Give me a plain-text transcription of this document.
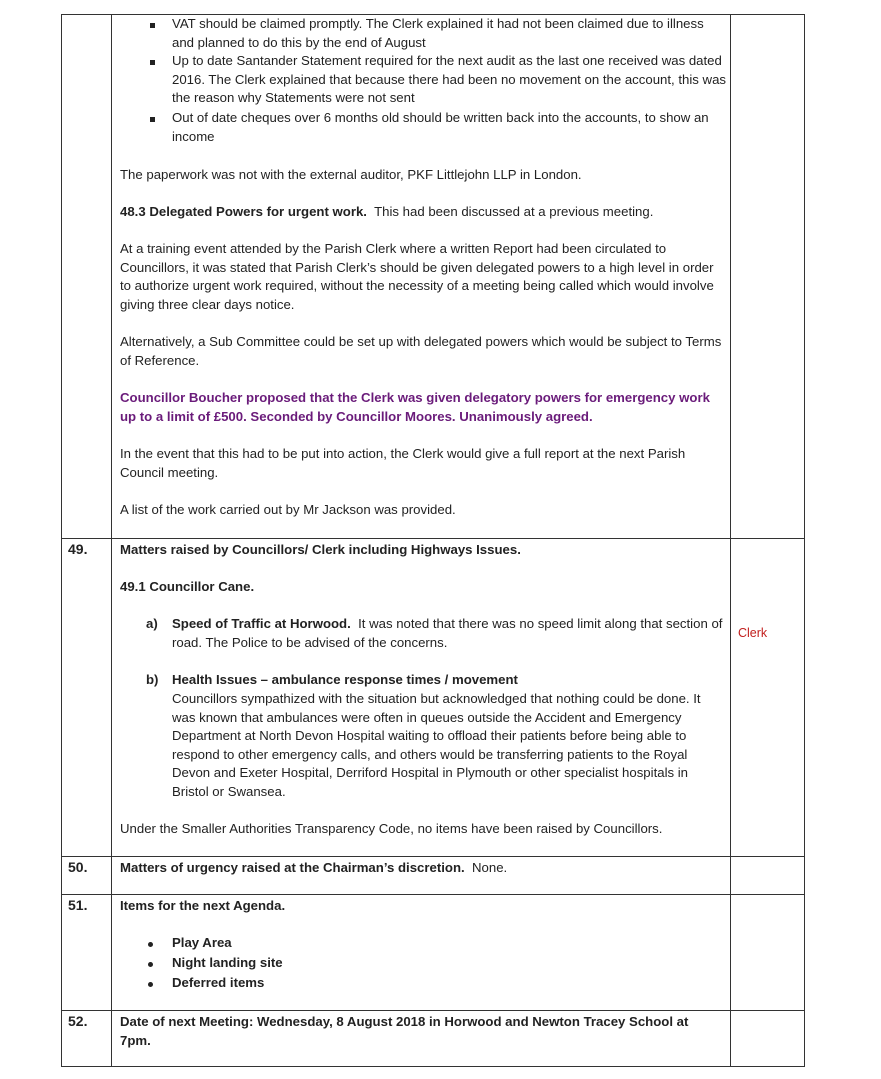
VAT should be claimed promptly. The Clerk explained it had not been claimed due to illness and planned to do this by the end of August
Up to date Santander Statement required for the next audit as the last one received was dated 2016. The Clerk explained that because there had been no movement on the account, this was the reason why Statements were not sent
Out of date cheques over 6 months old should be written back into the accounts, to show an income

The paperwork was not with the external auditor, PKF Littlejohn LLP in London.

48.3 Delegated Powers for urgent work. This had been discussed at a previous meeting.

At a training event attended by the Parish Clerk where a written Report had been circulated to Councillors, it was stated that Parish Clerk’s should be given delegated powers to a high level in order to authorize urgent work required, without the necessity of a meeting being called which would involve giving three clear days notice.

Alternatively, a Sub Committee could be set up with delegated powers which would be subject to Terms of Reference.

Councillor Boucher proposed that the Clerk was given delegatory powers for emergency work up to a limit of £500. Seconded by Councillor Moores. Unanimously agreed.

In the event that this had to be put into action, the Clerk would give a full report at the next Parish Council meeting.

A list of the work carried out by Mr Jackson was provided.

49. Matters raised by Councillors/ Clerk including Highways Issues.

49.1 Councillor Cane.

a) Speed of Traffic at Horwood. It was noted that there was no speed limit along that section of road. The Police to be advised of the concerns.

Clerk
b) Health Issues – ambulance response times / movement

Councillors sympathized with the situation but acknowledged that nothing could be done. It was known that ambulances were often in queues outside the Accident and Emergency Department at North Devon Hospital waiting to offload their patients before being able to respond to other emergency calls, and others would be transferring patients to the Royal Devon and Exeter Hospital, Derriford Hospital in Plymouth or other specialist hospitals in Bristol or Swansea.

Under the Smaller Authorities Transparency Code, no items have been raised by Councillors.

50. Matters of urgency raised at the Chairman’s discretion. None.

51. Items for the next Agenda.

Play Area
Night landing site
Deferred items
52. Date of next Meeting: Wednesday, 8 August 2018 in Horwood and Newton Tracey School at 7pm.
